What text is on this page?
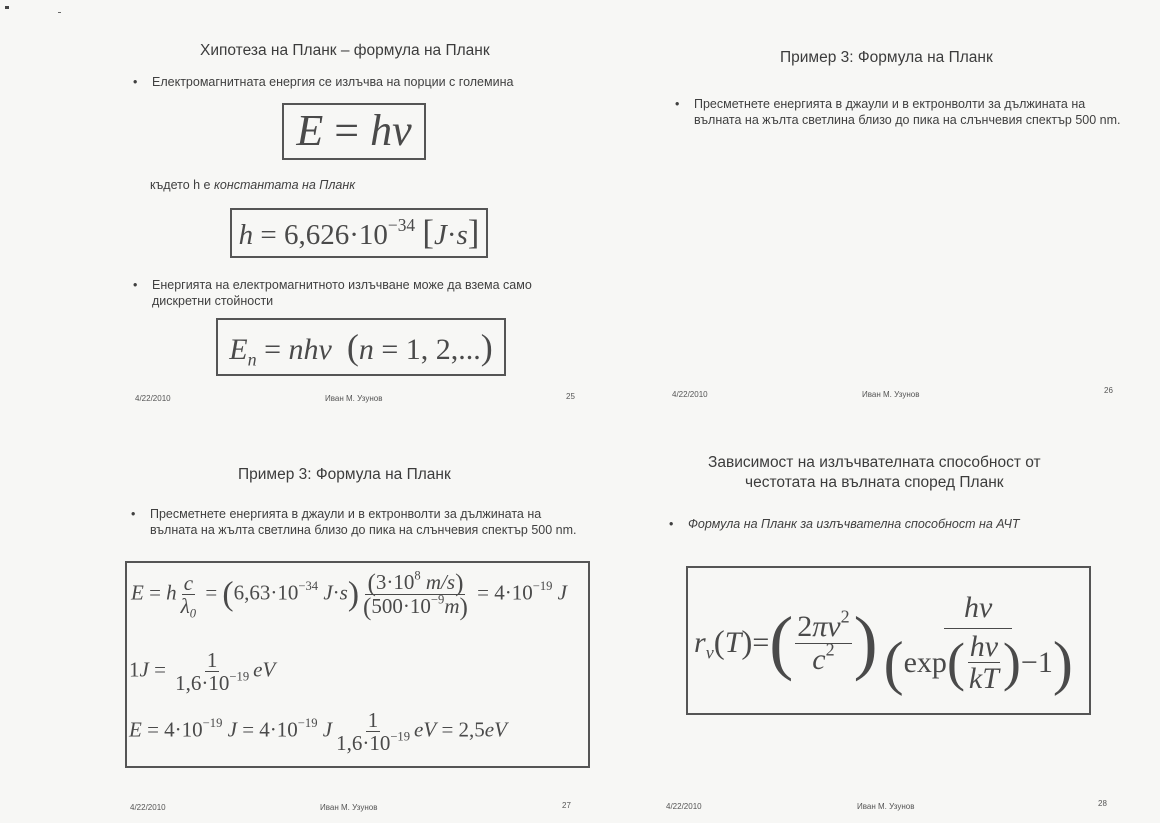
Хипотеза на Планк – формула на Планк
• Електромагнитната енергия се излъчва на порции с големина
E = hν
където h е константата на Планк
$h = 6,626\cdot 10^{-34}$ [J·s]
• Енергията на електромагнитното излъчване може да взема само дискретни стойности
$E_n = nh\nu$ (n = 1, 2,...)
4/22/2010	Иван М. Узунов	25
Пример 3: Формула на Планк
• Пресметнете енергията в джаули и в ектронволти за дължината на вълната на жълта светлина близо до пика на слънчевия спектър 500 nm.
4/22/2010	Иван М. Узунов	26
Пример 3: Формула на Планк
• Пресметнете енергията в джаули и в ектронволти за дължината на вълната на жълта светлина близо до пика на слънчевия спектър 500 nm.
E = h $\frac{c}{\lambda_0} = (6,63\cdot 10^{-34}$ $J\cdot s) \frac{(3\cdot 10^8 m/s)}{(500\cdot 10^{-9}m)} = 4\cdot 10^{-19}$ J
$1J = \frac{1}{1,6\cdot 10^{-19}}$ eV
$E = 4\cdot 10^{-19}$ $J = 4\cdot 10^{-19}$ J $\frac{1}{1,6\cdot 10^{-19}}$ eV = 2,5eV
4/22/2010	Иван М. Узунов	27
Зависимост на излъчвателната способност от
честотата на вълната според Планк
• Формула на Планк за излъчвателна способност на АЧТ
$r_\nu$ ( T ) = ( $\frac{2\pi\nu^2}{c^2}$ ) $\frac{h\nu}{( \exp ( \frac{h\nu}{kT} ) -1 )}$
4/22/2010	Иван М. Узунов	28
